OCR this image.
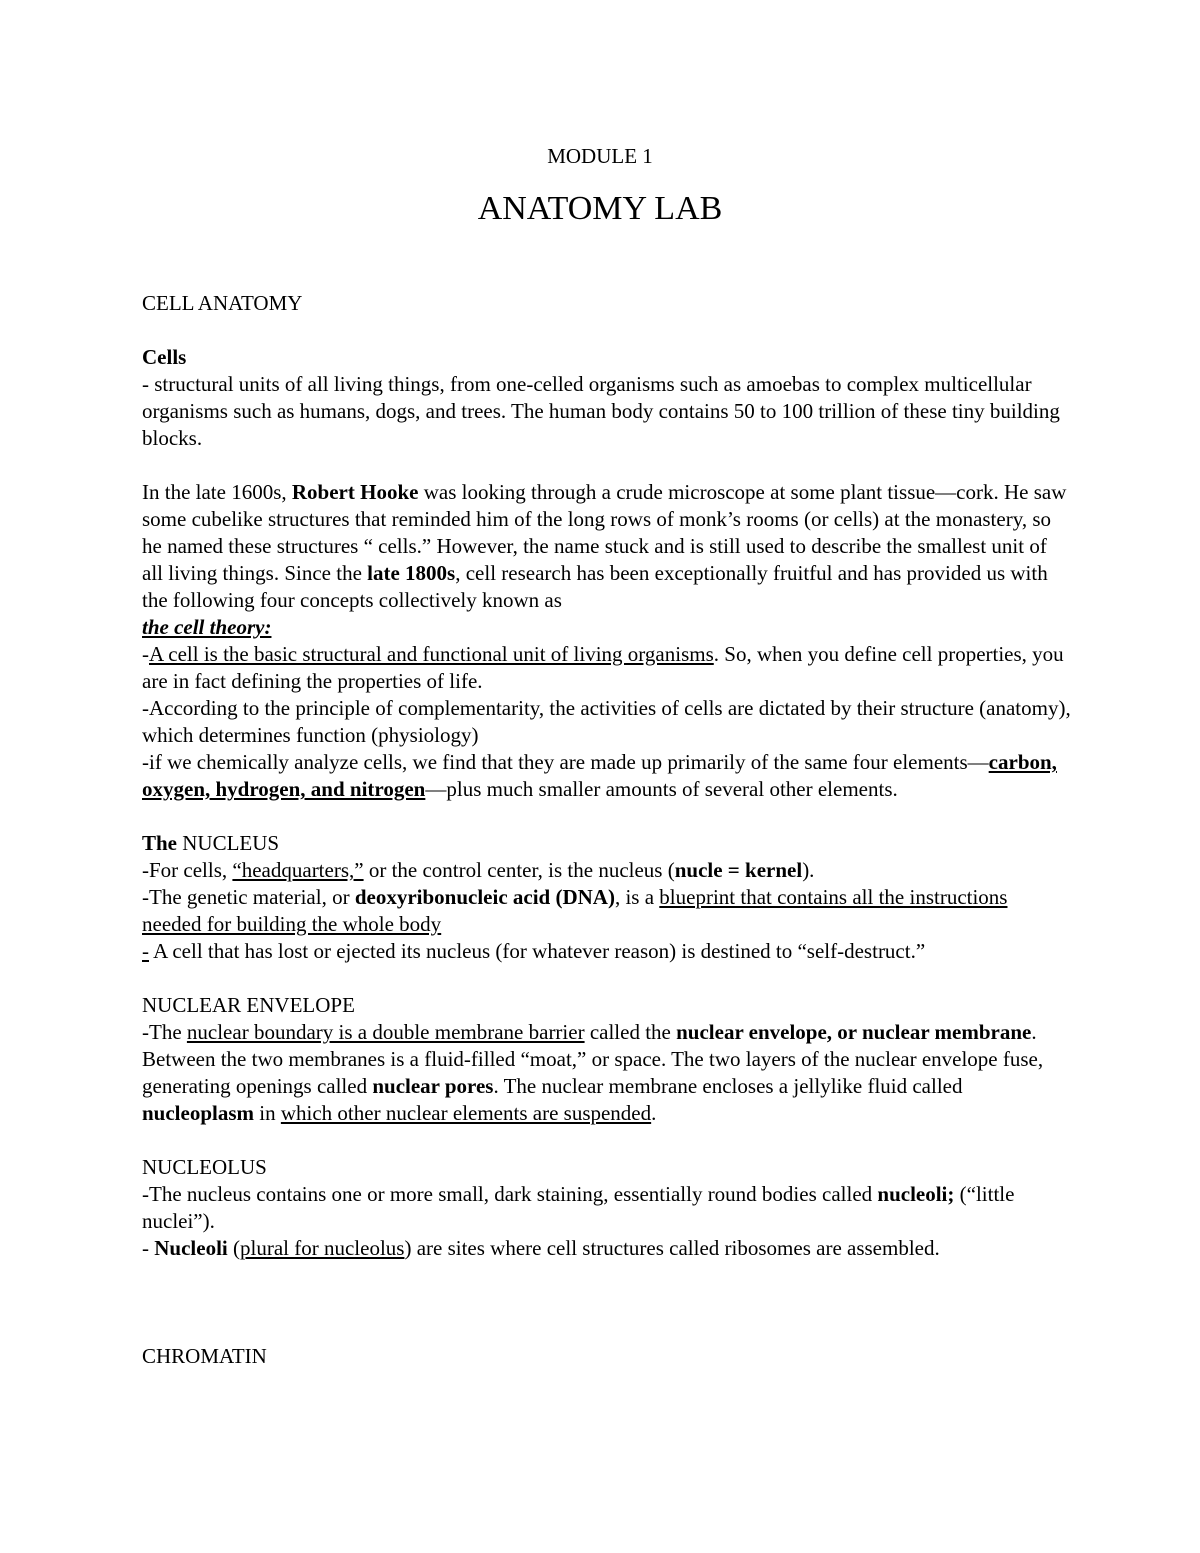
MODULE 1
ANATOMY LAB

CELL ANATOMY

Cells

- structural units of all living things, from one-celled organisms such as amoebas to complex multicellular organisms such as humans, dogs, and trees. The human body contains 50 to 100 trillion of these tiny building blocks.

In the late 1600s, Robert Hooke was looking through a crude microscope at some plant tissue—cork. He saw some cubelike structures that reminded him of the long rows of monk’s rooms (or cells) at the monastery, so he named these structures “ cells.” However, the name stuck and is still used to describe the smallest unit of all living things. Since the late 1800s, cell research has been exceptionally fruitful and has provided us with the following four concepts collectively known as

the cell theory:

-A cell is the basic structural and functional unit of living organisms. So, when you define cell properties, you are in fact defining the properties of life.

-According to the principle of complementarity, the activities of cells are dictated by their structure (anatomy), which determines function (physiology)

-if we chemically analyze cells, we find that they are made up primarily of the same four elements—carbon, oxygen, hydrogen, and nitrogen—plus much smaller amounts of several other elements.

The NUCLEUS

-For cells, “headquarters,” or the control center, is the nucleus (nucle = kernel).

-The genetic material, or deoxyribonucleic acid (DNA), is a blueprint that contains all the instructions needed for building the whole body

- A cell that has lost or ejected its nucleus (for whatever reason) is destined to “self-destruct.”

NUCLEAR ENVELOPE

-The nuclear boundary is a double membrane barrier called the nuclear envelope, or nuclear membrane. Between the two membranes is a fluid-filled “moat,” or space. The two layers of the nuclear envelope fuse, generating openings called nuclear pores. The nuclear membrane encloses a jellylike fluid called nucleoplasm in which other nuclear elements are suspended.

NUCLEOLUS

-The nucleus contains one or more small, dark staining, essentially round bodies called nucleoli; (“little nuclei”).

- Nucleoli (plural for nucleolus) are sites where cell structures called ribosomes are assembled.

CHROMATIN
